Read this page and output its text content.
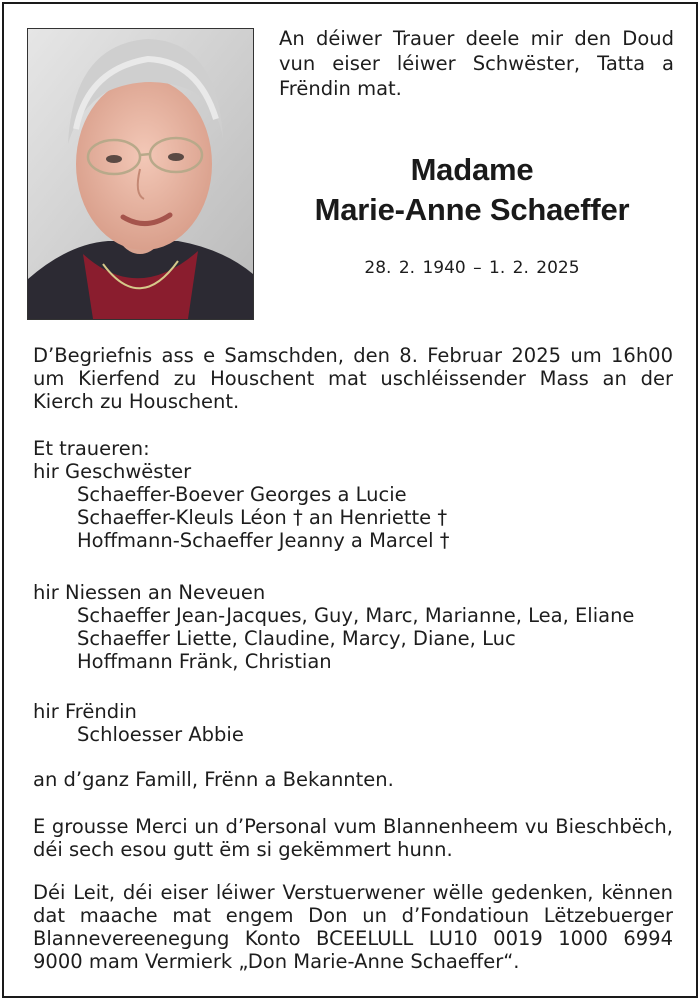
An déiwer Trauer deele mir den Doud vun eiser léiwer Schwëster, Tatta a Frëndin mat.
Madame
Marie-Anne Schaeffer
28. 2. 1940 – 1. 2. 2025
D’Begriefnis ass e Samschden, den 8. Februar 2025 um 16h00 um Kierfend zu Houschent mat uschléissender Mass an der Kierch zu Houschent.
Et traueren:
hir Geschwëster
Schaeffer-Boever Georges a Lucie
Schaeffer-Kleuls Léon † an Henriette †
Hoffmann-Schaeffer Jeanny a Marcel †
hir Niessen an Neveuen
Schaeffer Jean-Jacques, Guy, Marc, Marianne, Lea, Eliane
Schaeffer Liette, Claudine, Marcy, Diane, Luc
Hoffmann Fränk, Christian
hir Frëndin
Schloesser Abbie
an d’ganz Famill, Frënn a Bekannten.
E grousse Merci un d’Personal vum Blannenheem vu Bieschbëch, déi sech esou gutt ëm si gekëmmert hunn.
Déi Leit, déi eiser léiwer Verstuerwener wëlle gedenken, kënnen dat maache mat engem Don un d’Fondatioun Lëtzebuerger Blannevereenegung Konto BCEELULL LU10 0019 1000 6994 9000 mam Vermierk „Don Marie-Anne Schaeffer“.
